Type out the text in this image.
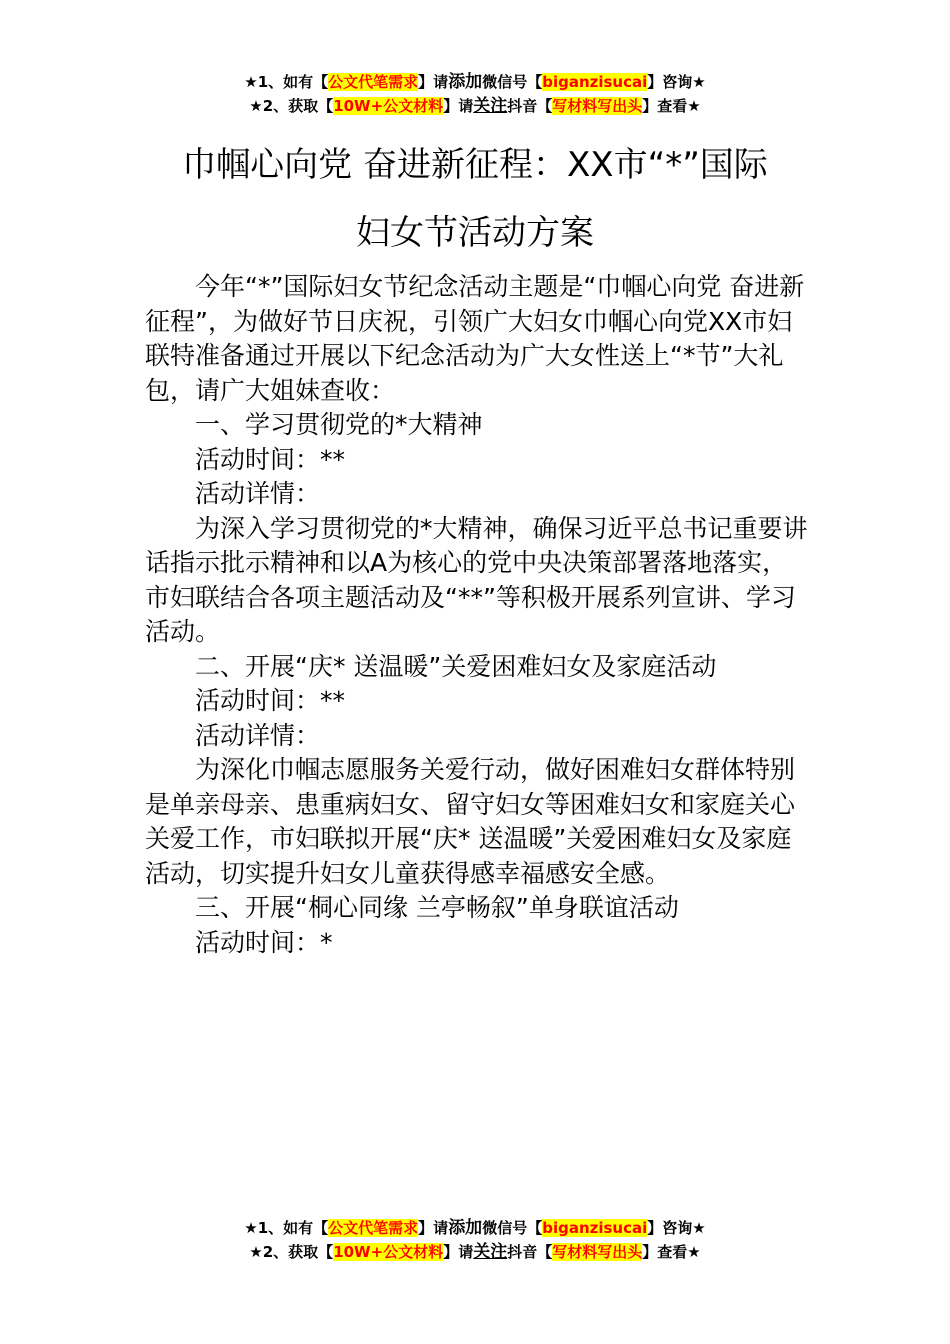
★1、如有【公文代笔需求】请添加微信号【biganzisucai】咨询★
★2、获取【10W+公文材料】请关注抖音【写材料写出头】查看★
巾帼心向党 奋进新征程：XX市“*”国际
妇女节活动方案

今年“*”国际妇女节纪念活动主题是“巾帼心向党 奋进新征程”，为做好节日庆祝，引领广大妇女巾帼心向党XX市妇联特准备通过开展以下纪念活动为广大女性送上“*节”大礼包，请广大姐妹查收：

一、学习贯彻党的*大精神

活动时间：**

活动详情：

为深入学习贯彻党的*大精神，确保习近平总书记重要讲话指示批示精神和以A为核心的党中央决策部署落地落实，市妇联结合各项主题活动及“**”等积极开展系列宣讲、学习活动。

二、开展“庆* 送温暖”关爱困难妇女及家庭活动

活动时间：**

活动详情：

为深化巾帼志愿服务关爱行动，做好困难妇女群体特别是单亲母亲、患重病妇女、留守妇女等困难妇女和家庭关心关爱工作，市妇联拟开展“庆* 送温暖”关爱困难妇女及家庭活动，切实提升妇女儿童获得感幸福感安全感。

三、开展“桐心同缘 兰亭畅叙”单身联谊活动

活动时间：*

★1、如有【公文代笔需求】请添加微信号【biganzisucai】咨询★
★2、获取【10W+公文材料】请关注抖音【写材料写出头】查看★
